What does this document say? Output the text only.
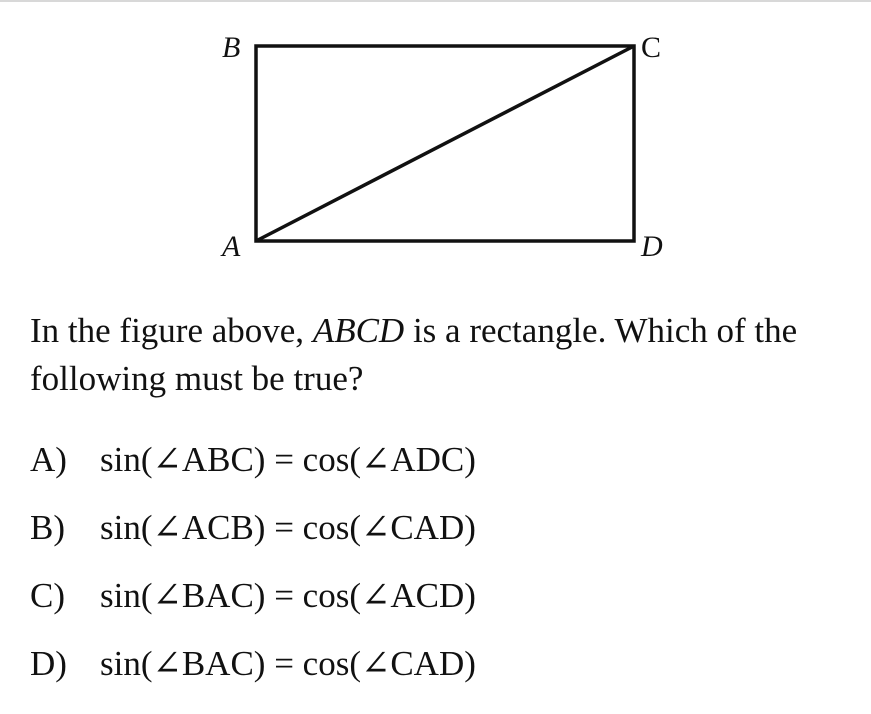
B	C
A	D

In the figure above, ABCD is a rectangle. Which of the following must be true?

A) sin(∠ABC) = cos(∠ADC)
B)	sin(∠ACB) = cos(∠CAD)
C)	sin(∠BAC) = cos(∠ACD)
D) sin(∠BAC) = cos(∠CAD)
